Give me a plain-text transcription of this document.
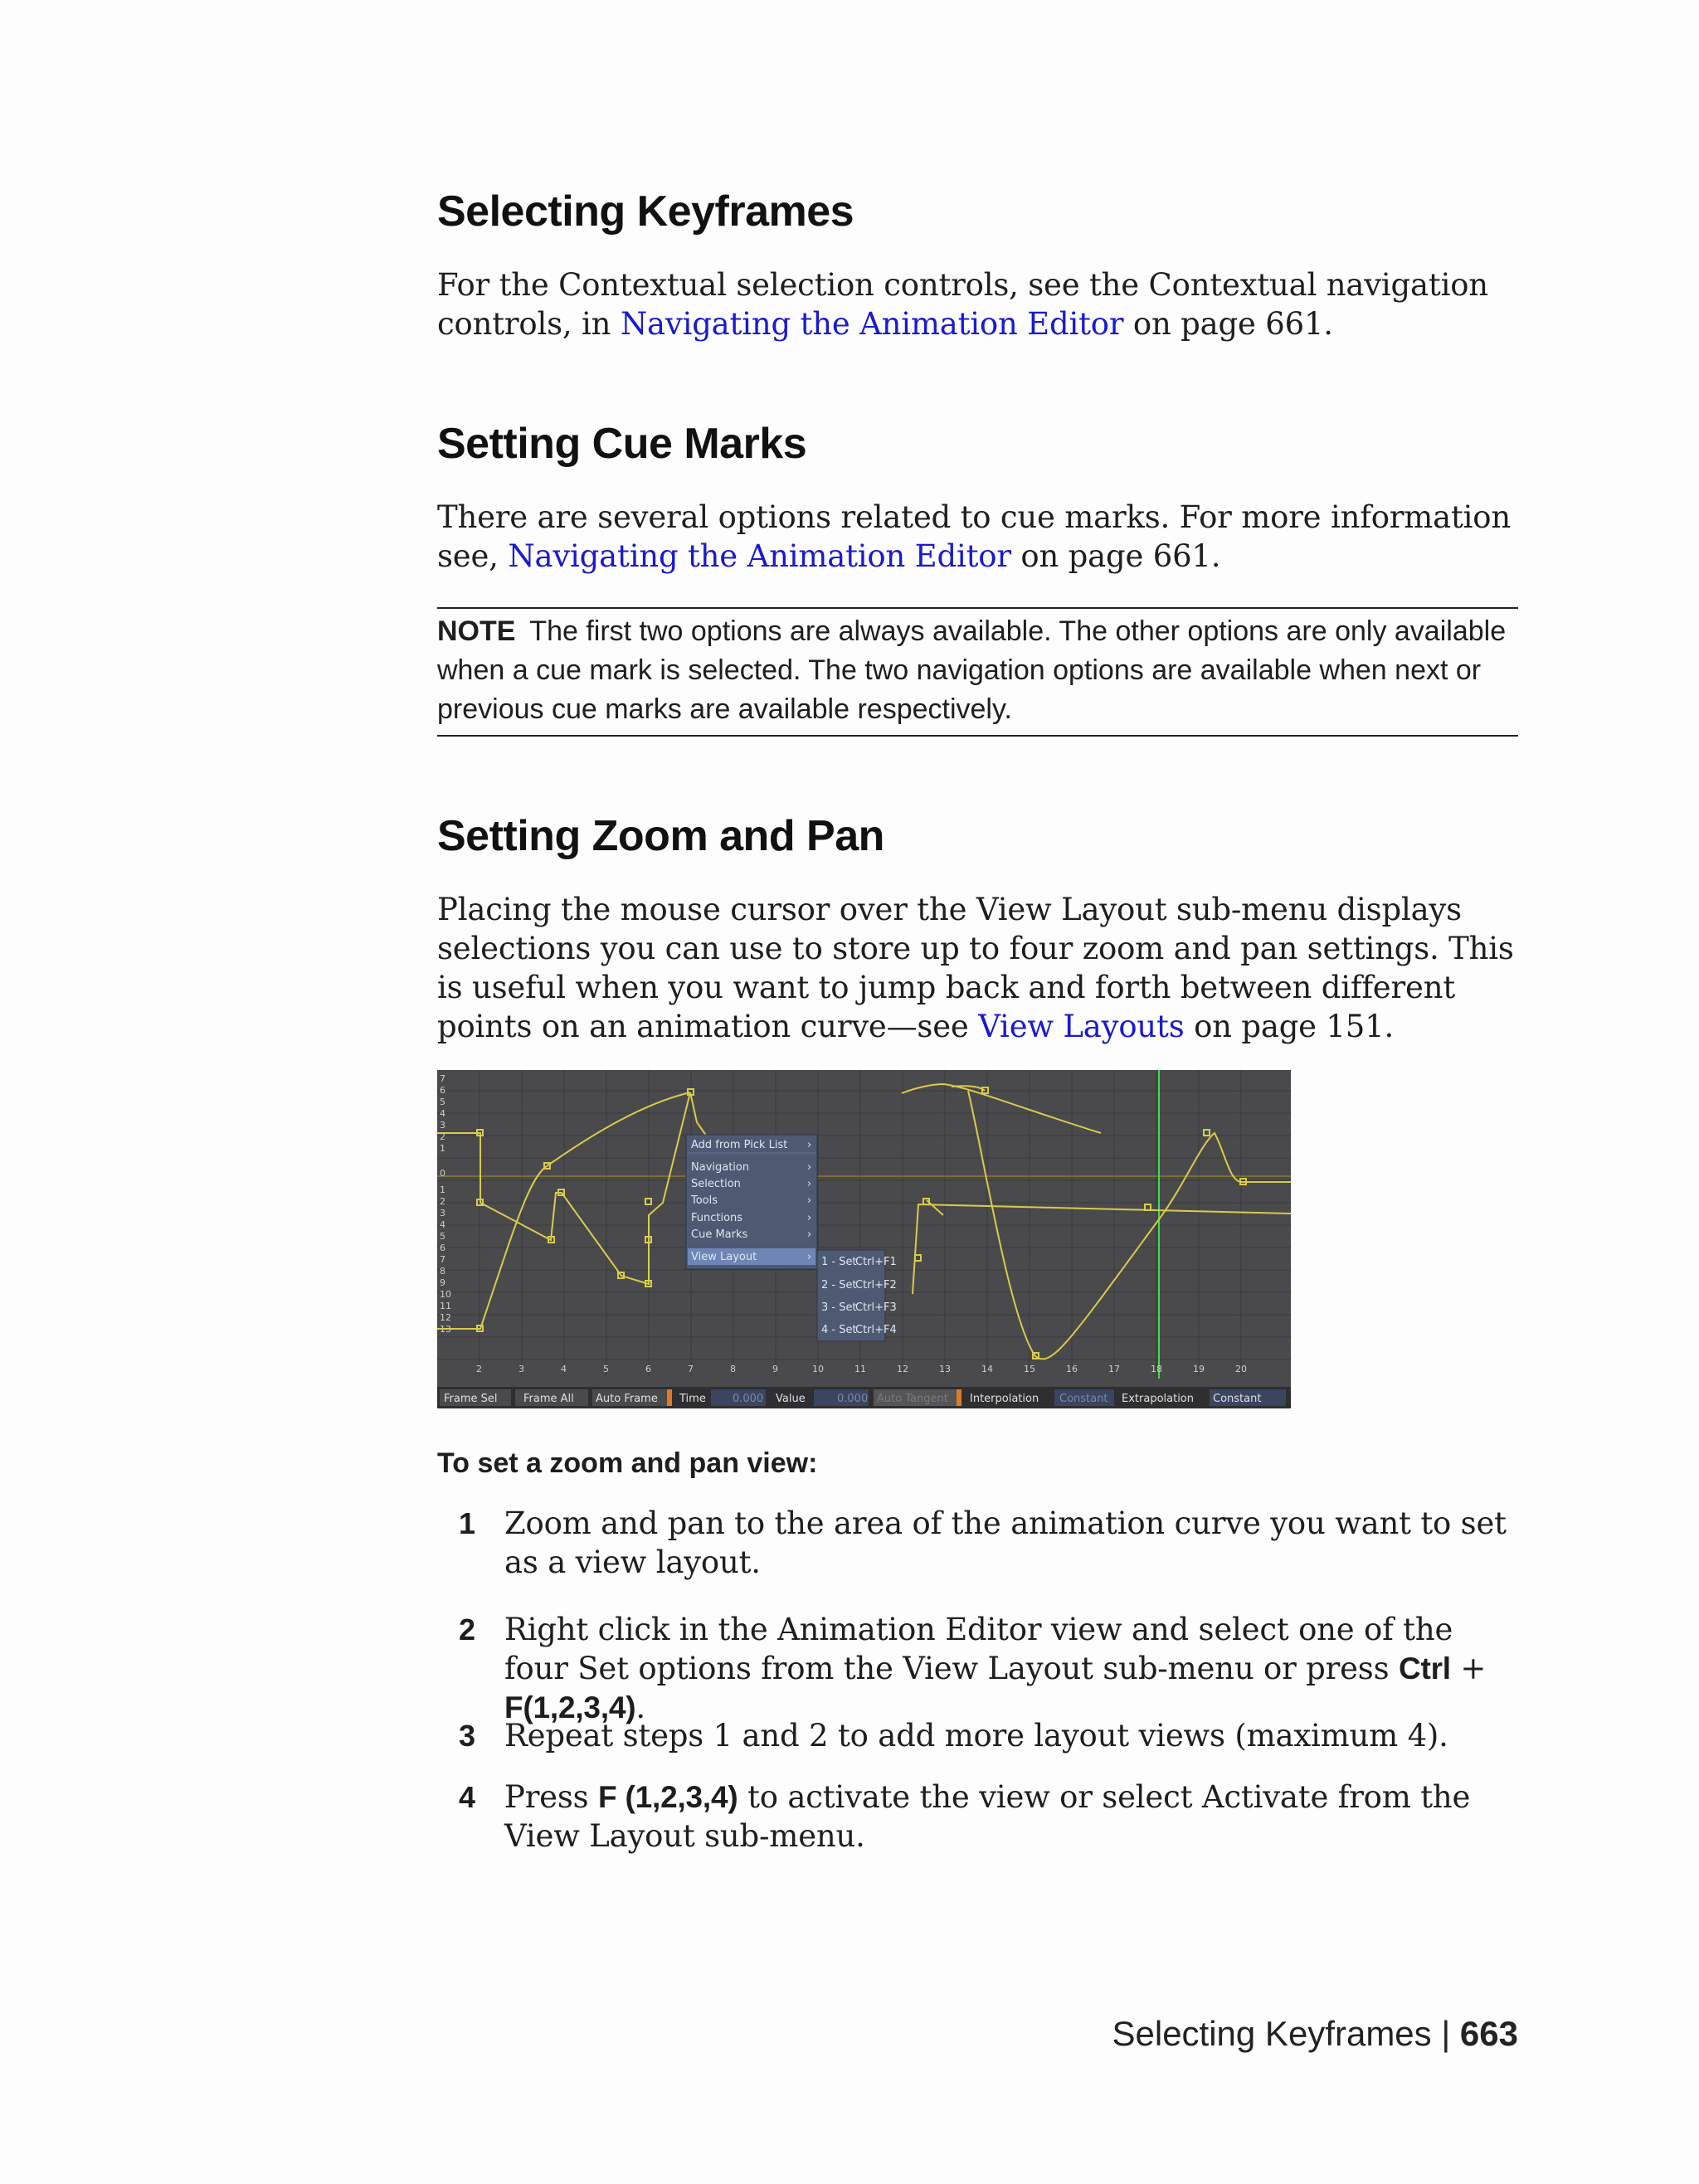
Selecting Keyframes

For the Contextual selection controls, see the Contextual navigation controls, in Navigating the Animation Editor on page 661.

Setting Cue Marks

There are several options related to cue marks. For more information see, Navigating the Animation Editor on page 661.

NOTE The first two options are always available. The other options are only available when a cue mark is selected. The two navigation options are available when next or previous cue marks are available respectively.
Setting Zoom and Pan

Placing the mouse cursor over the View Layout sub-menu displays selections you can use to store up to four zoom and pan settings. This is useful when you want to jump back and forth between different points on an animation curve—see View Layouts on page 151.

7
6
5
4
3
2
1
0
1
2
3
4
5
6
7
8
9
10
11
12
13
2	3	4	5	6	7	8	9	10	11	12	13	14	15	16	17	18	19	20
Add from Pick List ›
Navigation	›
Selection	›
Tools	›
Functions	›
Cue Marks	›
View Layout	› 1 - Set
Ctrl+F1
2 - Set
Ctrl+F2
3 - Set
Ctrl+F3
4 - Set
Ctrl+F4
Frame Sel Frame All Auto Frame Time 0.000 Value	0.000 Auto Tangent Interpolation Constant Extrapolation Constant
To set a zoom and pan view:
1 Zoom and pan to the area of the animation curve you want to set as a view layout.
2 Right click in the Animation Editor view and select one of the four Set options from the View Layout sub-menu or press Ctrl + F(1,2,3,4).
3 Repeat steps 1 and 2 to add more layout views (maximum 4).
4 Press F (1,2,3,4) to activate the view or select Activate from the View Layout sub-menu.
Selecting Keyframes | 663
